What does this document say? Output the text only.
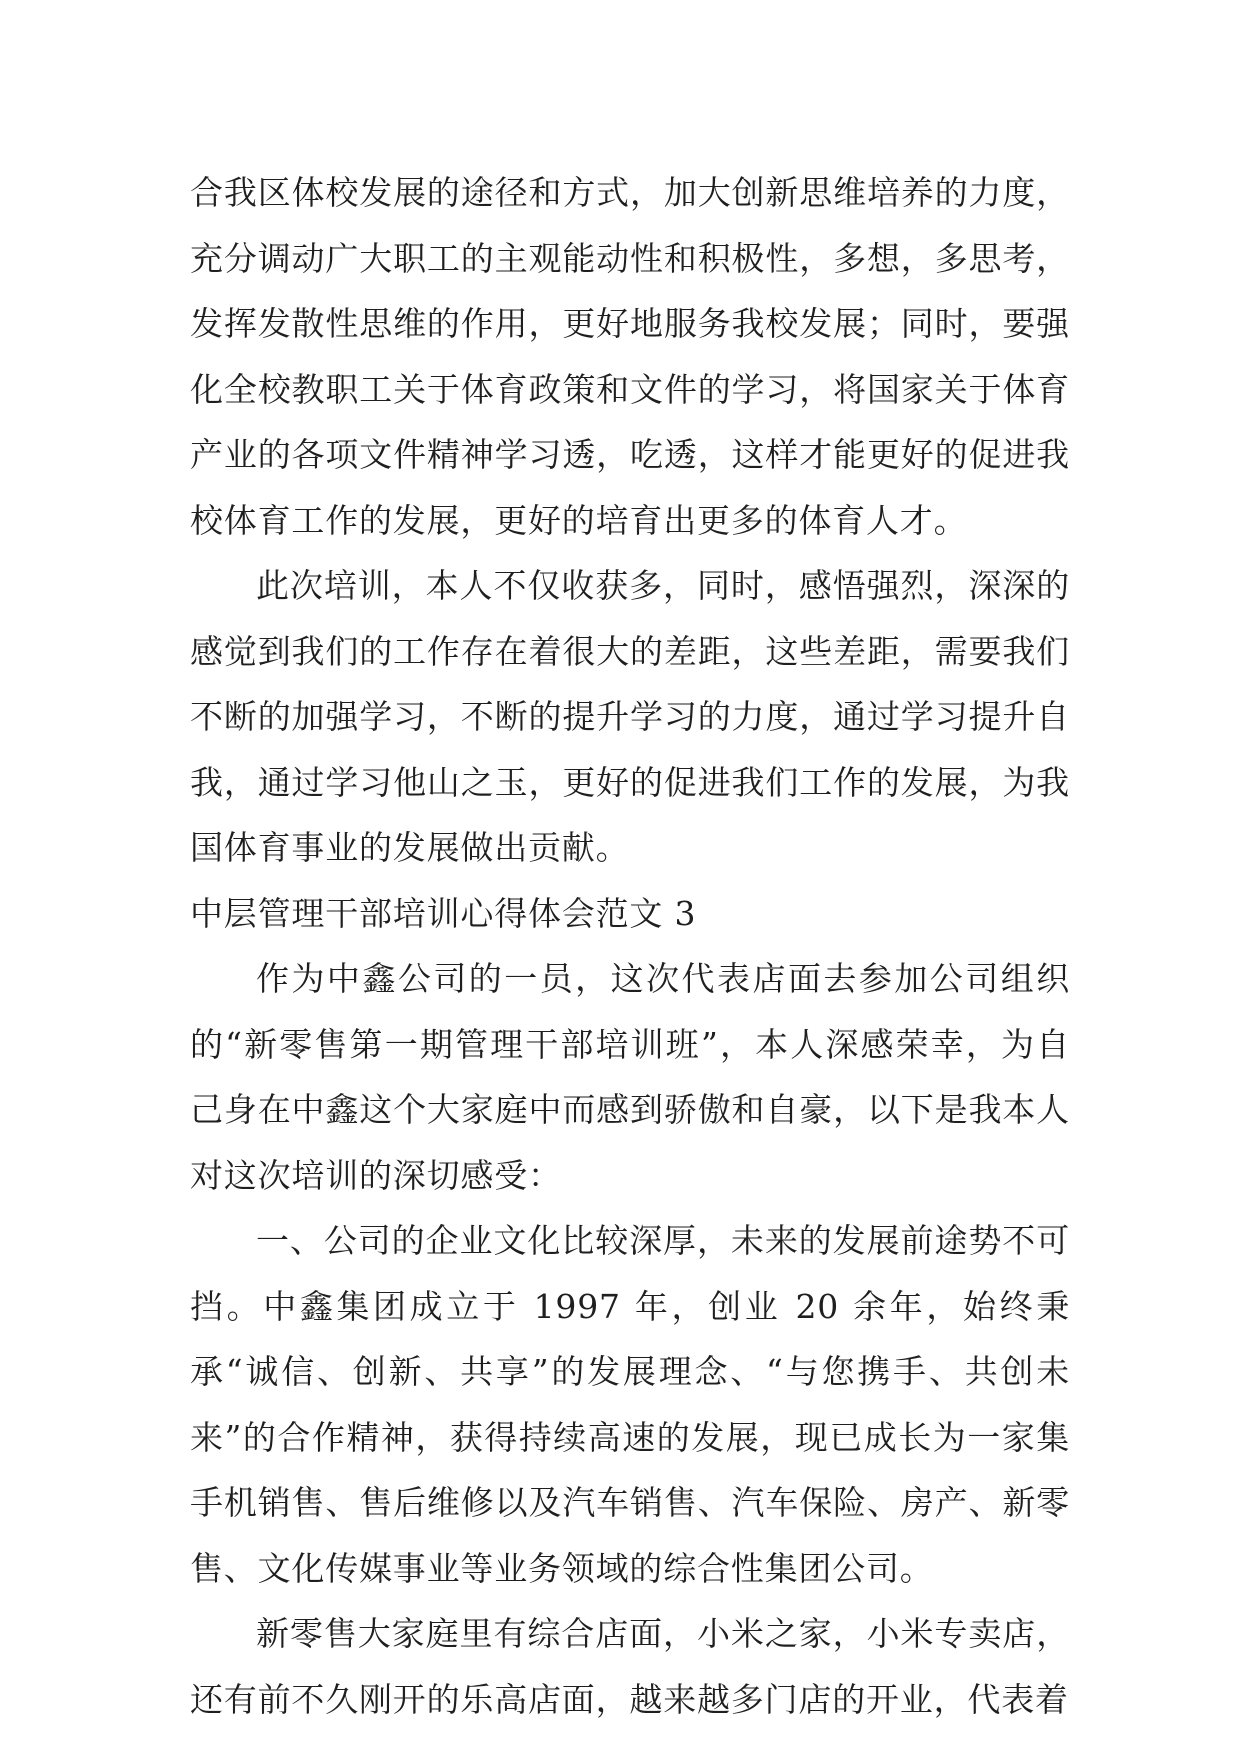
合我区体校发展的途径和方式，加大创新思维培养的力度，充分调动广大职工的主观能动性和积极性，多想，多思考，发挥发散性思维的作用，更好地服务我校发展；同时，要强化全校教职工关于体育政策和文件的学习，将国家关于体育产业的各项文件精神学习透，吃透，这样才能更好的促进我校体育工作的发展，更好的培育出更多的体育人才。

此次培训，本人不仅收获多，同时，感悟强烈，深深的感觉到我们的工作存在着很大的差距，这些差距，需要我们不断的加强学习，不断的提升学习的力度，通过学习提升自我，通过学习他山之玉，更好的促进我们工作的发展，为我国体育事业的发展做出贡献。

中层管理干部培训心得体会范文 3

作为中鑫公司的一员，这次代表店面去参加公司组织的“新零售第一期管理干部培训班”，本人深感荣幸，为自己身在中鑫这个大家庭中而感到骄傲和自豪，以下是我本人对这次培训的深切感受：

一、公司的企业文化比较深厚，未来的发展前途势不可挡。中鑫集团成立于 1997 年，创业 20 余年，始终秉承“诚信、创新、共享”的发展理念、“与您携手、共创未来”的合作精神，获得持续高速的发展，现已成长为一家集手机销售、售后维修以及汽车销售、汽车保险、房产、新零售、文化传媒事业等业务领域的综合性集团公司。

新零售大家庭里有综合店面，小米之家，小米专卖店，还有前不久刚开的乐高店面，越来越多门店的开业，代表着
